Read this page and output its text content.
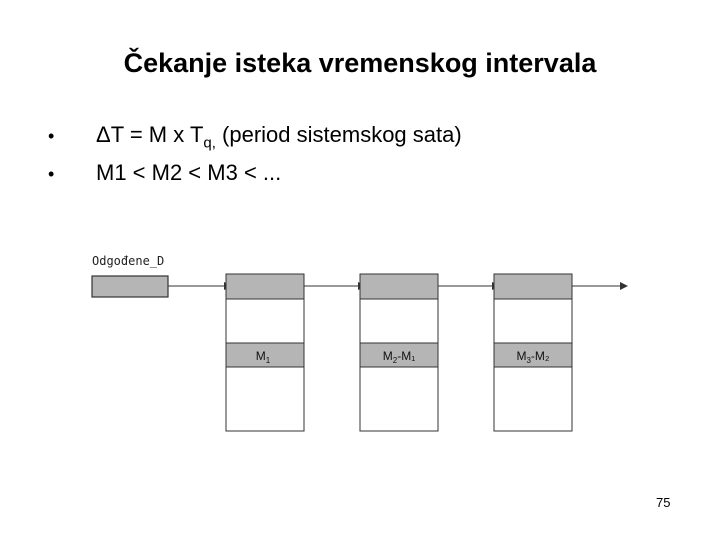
Čekanje isteka vremenskog intervala
•	ΔT = M x $T_{q,}$ (period sistemskog sata)
•	M1 < M2 < M3 < ...
Odgođene_D
$M_1$	$M_2-M_1$	$M_3-M_2$
75
